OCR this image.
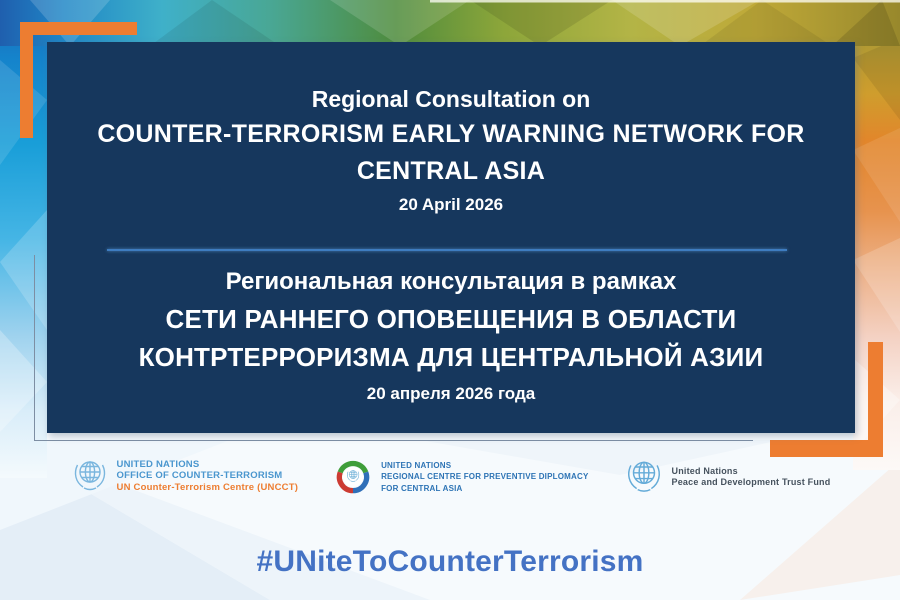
Regional Consultation on
COUNTER-TERRORISM EARLY WARNING NETWORK FOR
CENTRAL ASIA
20 April 2026
Региональная консультация в рамках
СЕТИ РАННЕГО ОПОВЕЩЕНИЯ В ОБЛАСТИ
КОНТРТЕРРОРИЗМА ДЛЯ ЦЕНТРАЛЬНОЙ АЗИИ
20 апреля 2026 года
UNITED NATIONS
OFFICE OF COUNTER-TERRORISM
UN Counter-Terrorism Centre (UNCCT)
UNITED NATIONS
REGIONAL CENTRE FOR PREVENTIVE DIPLOMACY
FOR CENTRAL ASIA
United Nations
Peace and Development Trust Fund
#UNiteToCounterTerrorism
